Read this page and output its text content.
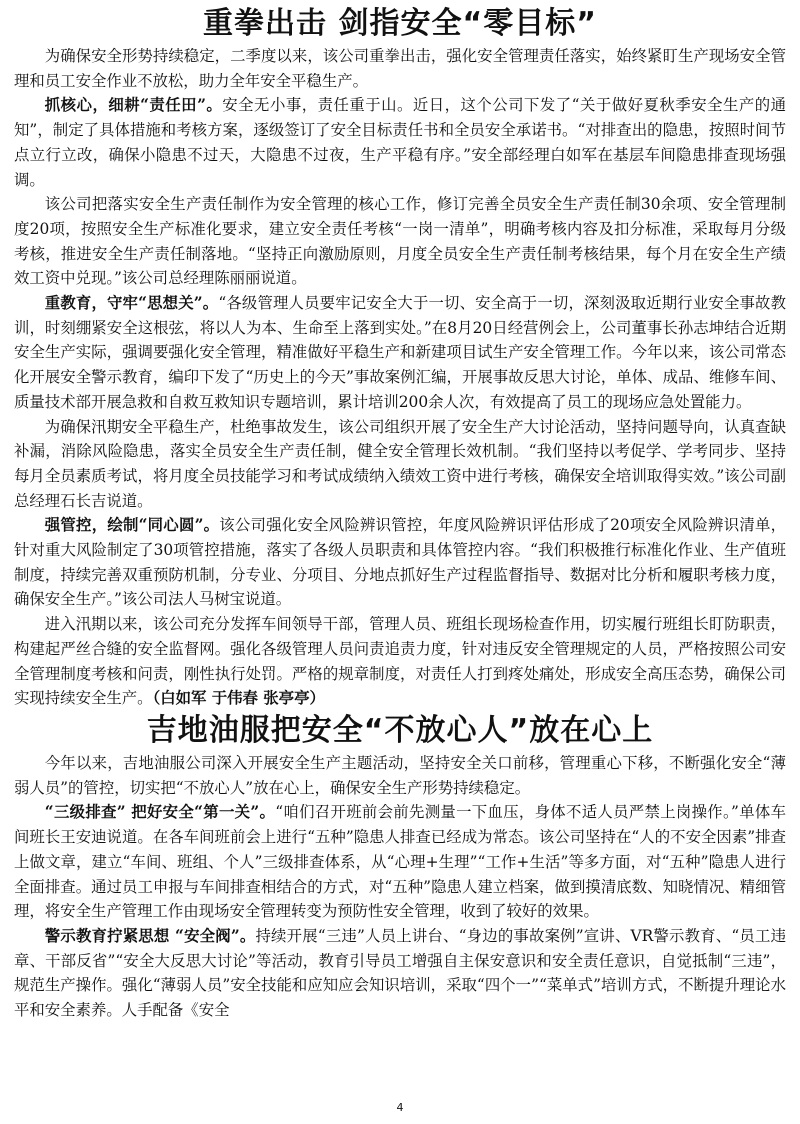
重拳出击 剑指安全“零目标”

为确保安全形势持续稳定，二季度以来，该公司重拳出击，强化安全管理责任落实，始终紧盯生产现场安全管理和员工安全作业不放松，助力全年安全平稳生产。

抓核心，细耕“责任田”。安全无小事，责任重于山。近日，这个公司下发了“关于做好夏秋季安全生产的通知”，制定了具体措施和考核方案，逐级签订了安全目标责任书和全员安全承诺书。“对排查出的隐患，按照时间节点立行立改，确保小隐患不过天，大隐患不过夜，生产平稳有序。”安全部经理白如军在基层车间隐患排查现场强调。

该公司把落实安全生产责任制作为安全管理的核心工作，修订完善全员安全生产责任制30余项、安全管理制度20项，按照安全生产标准化要求，建立安全责任考核“一岗一清单”，明确考核内容及扣分标准，采取每月分级考核，推进安全生产责任制落地。“坚持正向激励原则，月度全员安全生产责任制考核结果，每个月在安全生产绩效工资中兑现。”该公司总经理陈丽丽说道。

重教育，守牢“思想关”。“各级管理人员要牢记安全大于一切、安全高于一切，深刻汲取近期行业安全事故教训，时刻绷紧安全这根弦，将以人为本、生命至上落到实处。”在8月20日经营例会上，公司董事长孙志坤结合近期安全生产实际，强调要强化安全管理，精准做好平稳生产和新建项目试生产安全管理工作。今年以来，该公司常态化开展安全警示教育，编印下发了“历史上的今天”事故案例汇编，开展事故反思大讨论，单体、成品、维修车间、质量技术部开展急救和自救互救知识专题培训，累计培训200余人次，有效提高了员工的现场应急处置能力。

为确保汛期安全平稳生产，杜绝事故发生，该公司组织开展了安全生产大讨论活动，坚持问题导向，认真查缺补漏，消除风险隐患，落实全员安全生产责任制，健全安全管理长效机制。“我们坚持以考促学、学考同步、坚持每月全员素质考试，将月度全员技能学习和考试成绩纳入绩效工资中进行考核，确保安全培训取得实效。”该公司副总经理石长吉说道。

强管控，绘制“同心圆”。该公司强化安全风险辨识管控，年度风险辨识评估形成了20项安全风险辨识清单，针对重大风险制定了30项管控措施，落实了各级人员职责和具体管控内容。“我们积极推行标准化作业、生产值班制度，持续完善双重预防机制，分专业、分项目、分地点抓好生产过程监督指导、数据对比分析和履职考核力度，确保安全生产。”该公司法人马树宝说道。

进入汛期以来，该公司充分发挥车间领导干部，管理人员、班组长现场检查作用，切实履行班组长盯防职责，构建起严丝合缝的安全监督网。强化各级管理人员问责追责力度，针对违反安全管理规定的人员，严格按照公司安全管理制度考核和问责，刚性执行处罚。严格的规章制度，对责任人打到疼处痛处，形成安全高压态势，确保公司实现持续安全生产。（白如军 于伟春 张亭亭）

吉地油服把安全“不放心人”放在心上

今年以来，吉地油服公司深入开展安全生产主题活动，坚持安全关口前移，管理重心下移，不断强化安全“薄弱人员”的管控，切实把“不放心人”放在心上，确保安全生产形势持续稳定。

“三级排查” 把好安全“第一关”。“咱们召开班前会前先测量一下血压，身体不适人员严禁上岗操作。”单体车间班长王安迪说道。在各车间班前会上进行“五种”隐患人排查已经成为常态。该公司坚持在“人的不安全因素”排查上做文章，建立“车间、班组、个人”三级排查体系，从“心理+生理”“工作+生活”等多方面，对“五种”隐患人进行全面排查。通过员工申报与车间排查相结合的方式，对“五种”隐患人建立档案，做到摸清底数、知晓情况、精细管理，将安全生产管理工作由现场安全管理转变为预防性安全管理，收到了较好的效果。

警示教育拧紧思想 “安全阀”。持续开展“三违”人员上讲台、“身边的事故案例”宣讲、VR警示教育、“员工违章、干部反省”“安全大反思大讨论”等活动，教育引导员工增强自主保安意识和安全责任意识，自觉抵制“三违”，规范生产操作。强化“薄弱人员”安全技能和应知应会知识培训，采取“四个一”“菜单式”培训方式，不断提升理论水平和安全素养。人手配备《安全

4
